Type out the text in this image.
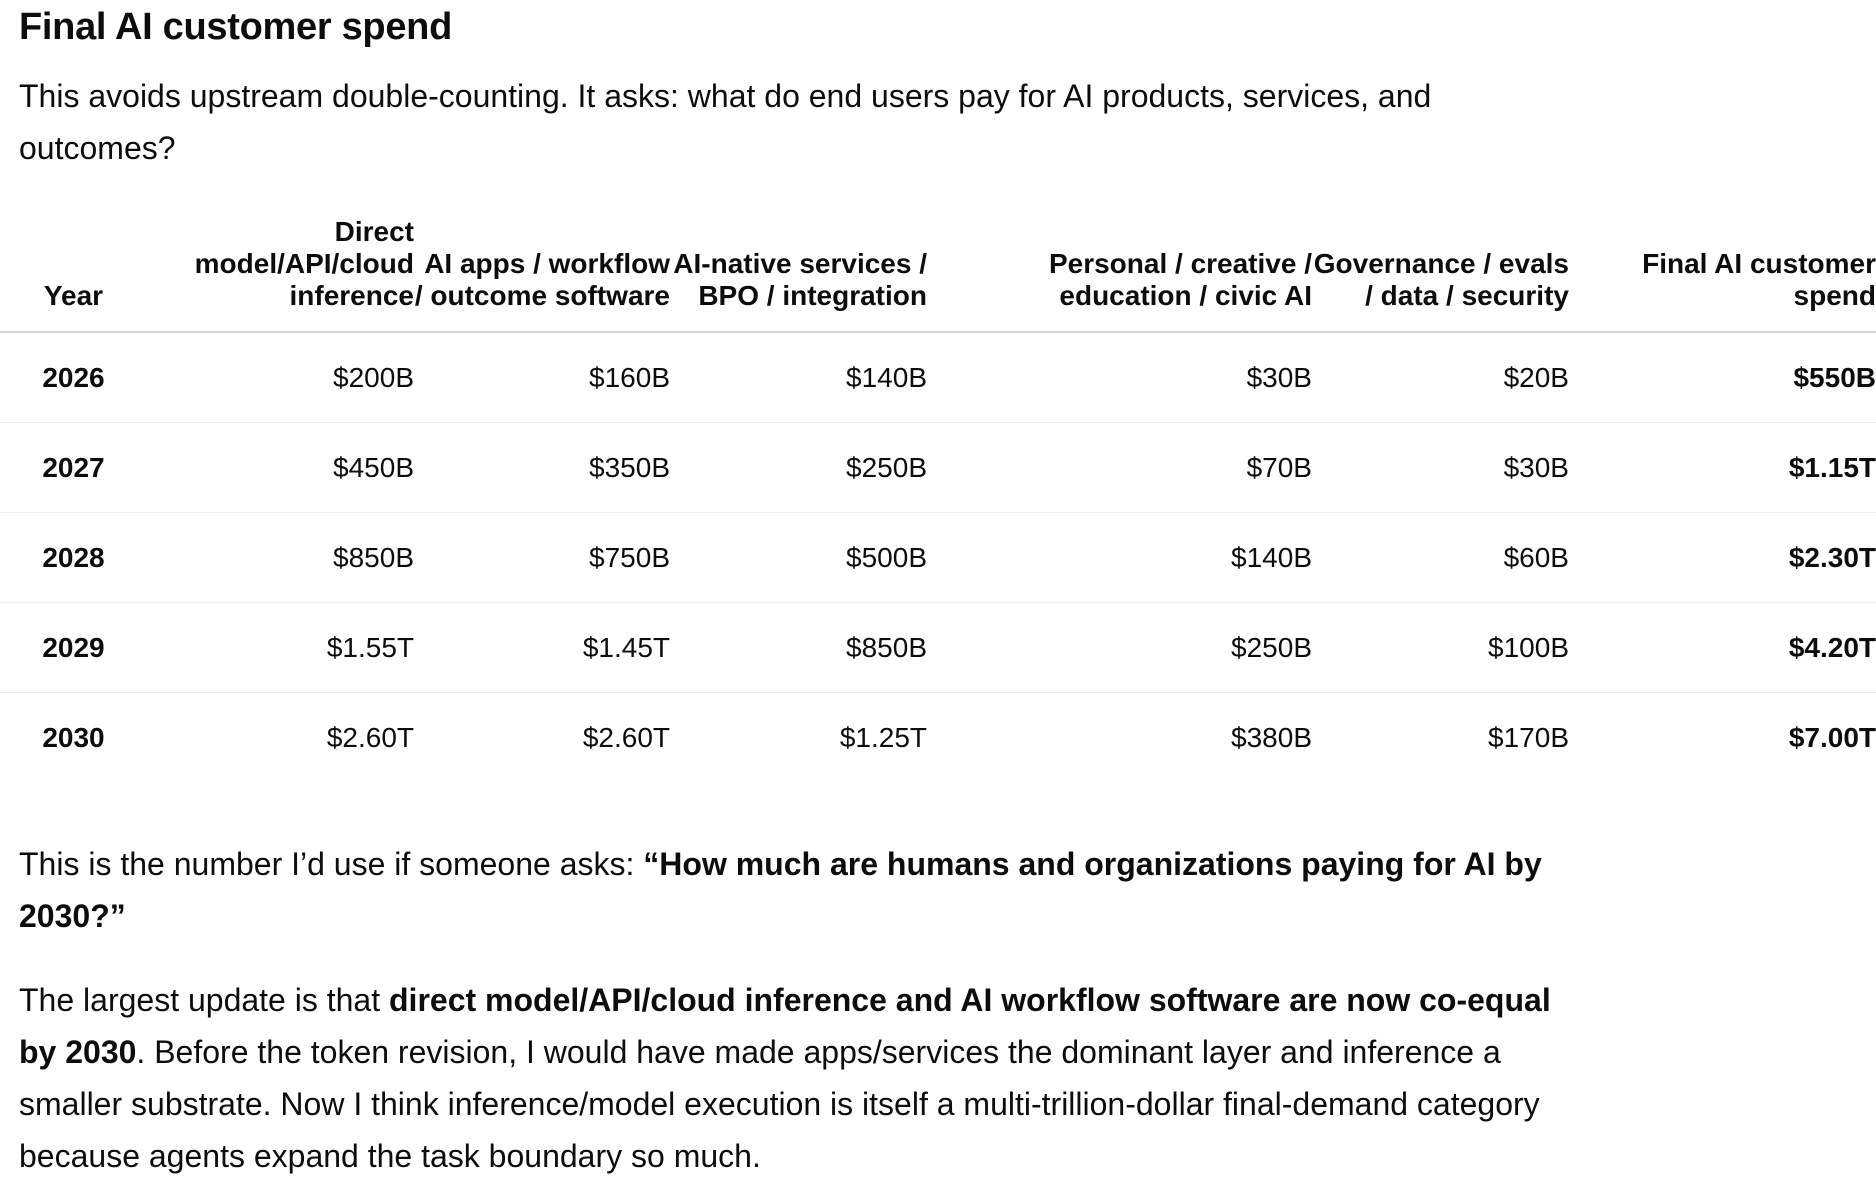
Final AI customer spend

This avoids upstream double-counting. It asks: what do end users pay for AI products, services, and outcomes?

Year	Direct model/API/cloud inference	AI apps / workflow / outcome software	AI-native services / BPO / integration	Personal / creative / education / civic AI	Governance / evals / data / security	Final AI customer spend
2026	$200B	$160B	$140B	$30B	$20B	$550B
2027	$450B	$350B	$250B	$70B	$30B	$1.15T
2028	$850B	$750B	$500B	$140B	$60B	$2.30T
2029	$1.55T	$1.45T	$850B	$250B	$100B	$4.20T
2030	$2.60T	$2.60T	$1.25T	$380B	$170B	$7.00T

This is the number I’d use if someone asks: “How much are humans and organizations paying for AI by 2030?”

The largest update is that direct model/API/cloud inference and AI workflow software are now co-equal by 2030. Before the token revision, I would have made apps/services the dominant layer and inference a smaller substrate. Now I think inference/model execution is itself a multi-trillion-dollar final-demand category because agents expand the task boundary so much.
